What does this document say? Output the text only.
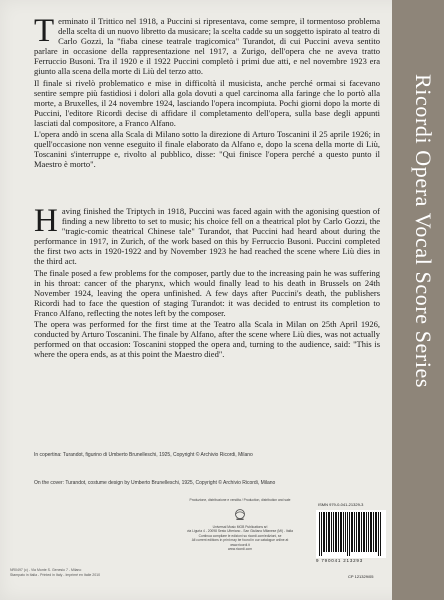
T erminato il Trittico nel 1918, a Puccini si ripresentava, come sempre, il tormentoso problema della scelta di un nuovo libretto da musicare; la scelta cadde su un soggetto ispirato al teatro di Carlo Gozzi, la "fiaba cinese teatrale tragicomica" Turandot, di cui Puccini aveva sentito parlare in occasione della rappresentazione nel 1917, a Zurigo, dell'opera che ne aveva tratto Ferruccio Busoni. Tra il 1920 e il 1922 Puccini completò i primi due atti, e nel novembre 1923 era giunto alla scena della morte di Liù del terzo atto.

Il finale si rivelò problematico e mise in difficoltà il musicista, anche perché ormai si facevano sentire sempre più fastidiosi i dolori alla gola dovuti a quel carcinoma alla faringe che lo portò alla morte, a Bruxelles, il 24 novembre 1924, lasciando l'opera incompiuta. Pochi giorni dopo la morte di Puccini, l'editore Ricordi decise di affidare il completamento dell'opera, sulla base degli appunti lasciati dal compositore, a Franco Alfano.

L'opera andò in scena alla Scala di Milano sotto la direzione di Arturo Toscanini il 25 aprile 1926; in quell'occasione non venne eseguito il finale elaborato da Alfano e, dopo la scena della morte di Liù, Toscanini s'interruppe e, rivolto al pubblico, disse: "Qui finisce l'opera perché a questo punto il Maestro è morto".

H aving finished the Triptych in 1918, Puccini was faced again with the agonising question of finding a new libretto to set to music; his choice fell on a theatrical plot by Carlo Gozzi, the "tragic-comic theatrical Chinese tale" Turandot, that Puccini had heard about during the performance in 1917, in Zurich, of the work based on this by Ferruccio Busoni. Puccini completed the first two acts in 1920-1922 and by November 1923 he had reached the scene where Liù dies in the third act.

The finale posed a few problems for the composer, partly due to the increasing pain he was suffering in his throat: cancer of the pharynx, which would finally lead to his death in Brussels on 24th November 1924, leaving the opera unfinished. A few days after Puccini's death, the publishers Ricordi had to face the question of staging Turandot: it was decided to entrust its completion to Franco Alfano, reflecting the notes left by the composer.

The opera was performed for the first time at the Teatro alla Scala in Milan on 25th April 1926, conducted by Arturo Toscanini. The finale by Alfano, after the scene where Liù dies, was not actually performed on that occasion: Toscanini stopped the opera and, turning to the audience, said: "This is where the opera ends, as at this point the Maestro died".

In copertina: Turandot, figurino di Umberto Brunelleschi, 1925, Copyright © Archivio Ricordi, Milano
On the cover: Turandot, costume design by Umberto Brunelleschi, 1925, Copyright © Archivio Ricordi, Milano
NR0497 (c) - Via Monte S. Genesio 7 - Milano
Stampato in Italia - Printed in Italy - Imprimé en Italie 2010
Produzione, distribuzione e vendita / Production, distribution and sale
Universal Music MGB Publications srl
via Liguria 4 - 20098 Sesto Ulteriano - San Giuliano Milanese (MI) - Italia
Continua compilare le edizioni su ricordi.com/edizioni, se
All current editions in print may be found in our catalogue online at
www.ricordi.it
www.ricordi.com
ISMN 979-0-041-21329-3
9 790041 213293
CP 121329/05
Ricordi Opera Vocal Score Series
